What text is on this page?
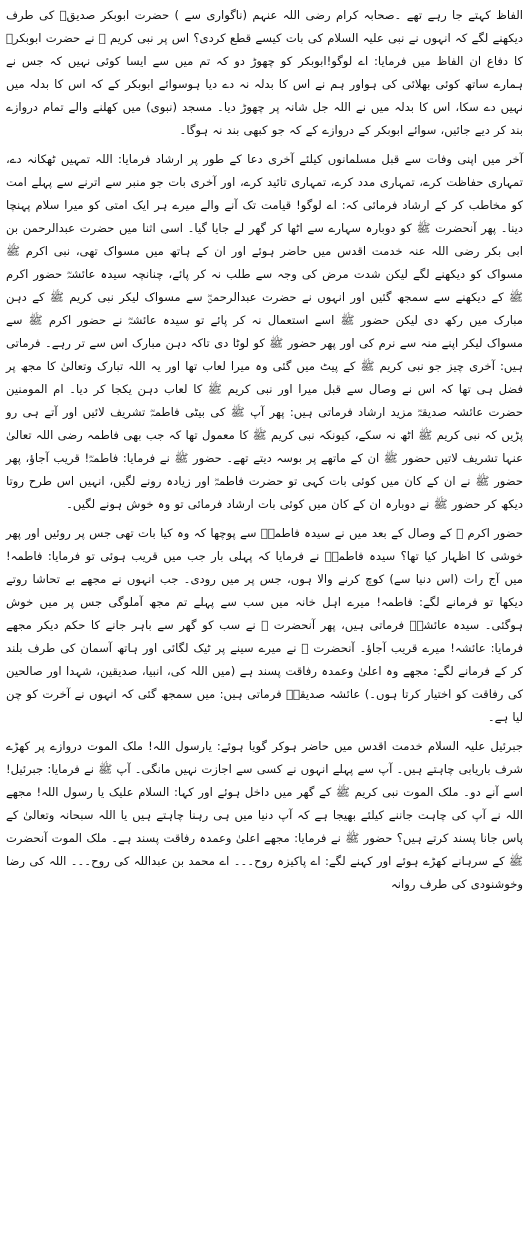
الفاظ کہتے جا رہے تھے ۔صحابہ کرام رضی اللہ عنہم (ناگواری سے ) حضرت ابوبکر صدیقؓ کی طرف دیکھنے لگے کہ انہوں نے نبی علیہ السلام کی بات کیسے قطع کردی؟ اس پر نبی کریم ﷺ نے حضرت ابوبکرؓ کا دفاع ان الفاظ میں فرمایا: اے لوگو!ابوبکر کو چھوڑ دو کہ تم میں سے ایسا کوئی نہیں کہ جس نے ہمارے ساتھ کوئی بھلائی کی ہواور ہم نے اس کا بدلہ نہ دے دیا ہوسوائے ابوبکر کے کہ اس کا بدلہ میں نہیں دے سکا، اس کا بدلہ میں نے اللہ جل شانہ پر چھوڑ دیا۔ مسجد (نبوی) میں کھلنے والے تمام دروازے بند کر دیے جائیں، سوائے ابوبکر کے دروازے کے کہ جو کبھی بند نہ ہوگا۔

آخر میں اپنی وفات سے قبل مسلمانوں کیلئے آخری دعا کے طور پر ارشاد فرمایا: اللہ تمہیں ٹھکانہ دے، تمہاری حفاظت کرے، تمہاری مدد کرے، تمہاری تائید کرے، اور آخری بات جو منبر سے اترنے سے پہلے امت کو مخاطب کر کے ارشاد فرمائی کہ: اے لوگو! قیامت تک آنے والے میرے ہر ایک امتی کو میرا سلام پہنچا دینا۔ پھر آنحضرت ﷺ کو دوبارہ سہارے سے اٹھا کر گھر لے جایا گیا۔ اسی اثنا میں حضرت عبدالرحمن بن ابی بکر رضی اللہ عنہ خدمت اقدس میں حاضر ہوئے اور ان کے ہاتھ میں مسواک تھی، نبی اکرم ﷺ مسواک کو دیکھنے لگے لیکن شدت مرض کی وجہ سے طلب نہ کر پائے، چنانچہ سیدہ عائشہؓ حضور اکرم ﷺ کے دیکھنے سے سمجھ گئیں اور انہوں نے حضرت عبدالرحمنؓ سے مسواک لیکر نبی کریم ﷺ کے دہن مبارک میں رکھ دی لیکن حضور ﷺ اسے استعمال نہ کر پائے تو سیدہ عائشہؓ نے حضور اکرم ﷺ سے مسواک لیکر اپنے منہ سے نرم کی اور پھر حضور ﷺ کو لوٹا دی تاکہ دہن مبارک اس سے تر رہے۔ فرماتی ہیں: آخری چیز جو نبی کریم ﷺ کے پیٹ میں گئی وہ میرا لعاب تھا اور یہ اللہ تبارک وتعالیٰ کا مجھ پر فضل ہی تھا کہ اس نے وصال سے قبل میرا اور نبی کریم ﷺ کا لعاب دہن یکجا کر دیا۔ ام المومنین حضرت عائشہ صدیقہؓ مزید ارشاد فرماتی ہیں: پھر آپ ﷺ کی بیٹی فاطمہؓ تشریف لائیں اور آتے ہی رو پڑیں کہ نبی کریم ﷺ اٹھ نہ سکے، کیونکہ نبی کریم ﷺ کا معمول تھا کہ جب بھی فاطمہ رضی اللہ تعالیٰ عنہا تشریف لاتیں حضور ﷺ ان کے ماتھے پر بوسہ دیتے تھے۔ حضور ﷺ نے فرمایا: فاطمہؓ! قریب آجاؤ، پھر حضور ﷺ نے ان کے کان میں کوئی بات کہی تو حضرت فاطمہؓ اور زیادہ رونے لگیں، انہیں اس طرح روتا دیکھ کر حضور ﷺ نے دوبارہ ان کے کان میں کوئی بات ارشاد فرمائی تو وہ خوش ہونے لگیں۔

حضور اکرم ﷺ کے وصال کے بعد میں نے سیدہ فاطمہؓ سے پوچھا کہ وہ کیا بات تھی جس پر روئیں اور پھر خوشی کا اظہار کیا تھا؟ سیدہ فاطمہؓ نے فرمایا کہ پہلی بار جب میں قریب ہوئی تو فرمایا: فاطمہ! میں آج رات (اس دنیا سے) کوچ کرنے والا ہوں، جس پر میں رودی۔ جب انہوں نے مجھے بے تحاشا روتے دیکھا تو فرمانے لگے: فاطمہ! میرے اہل خانہ میں سب سے پہلے تم مجھ آملوگی جس پر میں خوش ہوگئی۔ سیدہ عائشہؓ فرماتی ہیں، پھر آنحضرت ﷺ نے سب کو گھر سے باہر جانے کا حکم دیکر مجھے فرمایا: عائشہ! میرے قریب آجاؤ۔ آنحضرت ﷺ نے میرے سینے پر ٹیک لگائی اور ہاتھ آسمان کی طرف بلند کر کے فرمانے لگے: مجھے وہ اعلیٰ وعمدہ رفاقت پسند ہے (میں اللہ کی، انبیا، صدیقین، شہدا اور صالحین کی رفاقت کو اختیار کرتا ہوں۔) عائشہ صدیقہؓ فرماتی ہیں: میں سمجھ گئی کہ انہوں نے آخرت کو چن لیا ہے۔

جبرئیل علیہ السلام خدمت اقدس میں حاضر ہوکر گویا ہوئے: یارسول اللہ! ملک الموت دروازے پر کھڑے شرف باریابی چاہتے ہیں۔ آپ سے پہلے انہوں نے کسی سے اجازت نہیں مانگی۔ آپ ﷺ نے فرمایا: جبرئیل! اسے آنے دو۔ ملک الموت نبی کریم ﷺ کے گھر میں داخل ہوئے اور کہا: السلام علیک یا رسول اللہ! مجھے اللہ نے آپ کی چاہت جاننے کیلئے بھیجا ہے کہ آپ دنیا میں ہی رہنا چاہتے ہیں یا اللہ سبحانہ وتعالیٰ کے پاس جانا پسند کرتے ہیں؟ حضور ﷺ نے فرمایا: مجھے اعلیٰ وعمدہ رفاقت پسند ہے۔ ملک الموت آنحضرت ﷺ کے سرہانے کھڑے ہوئے اور کہنے لگے: اے پاکیزہ روح۔۔۔ اے محمد بن عبداللہ کی روح۔۔۔ اللہ کی رضا وخوشنودی کی طرف روانہ
